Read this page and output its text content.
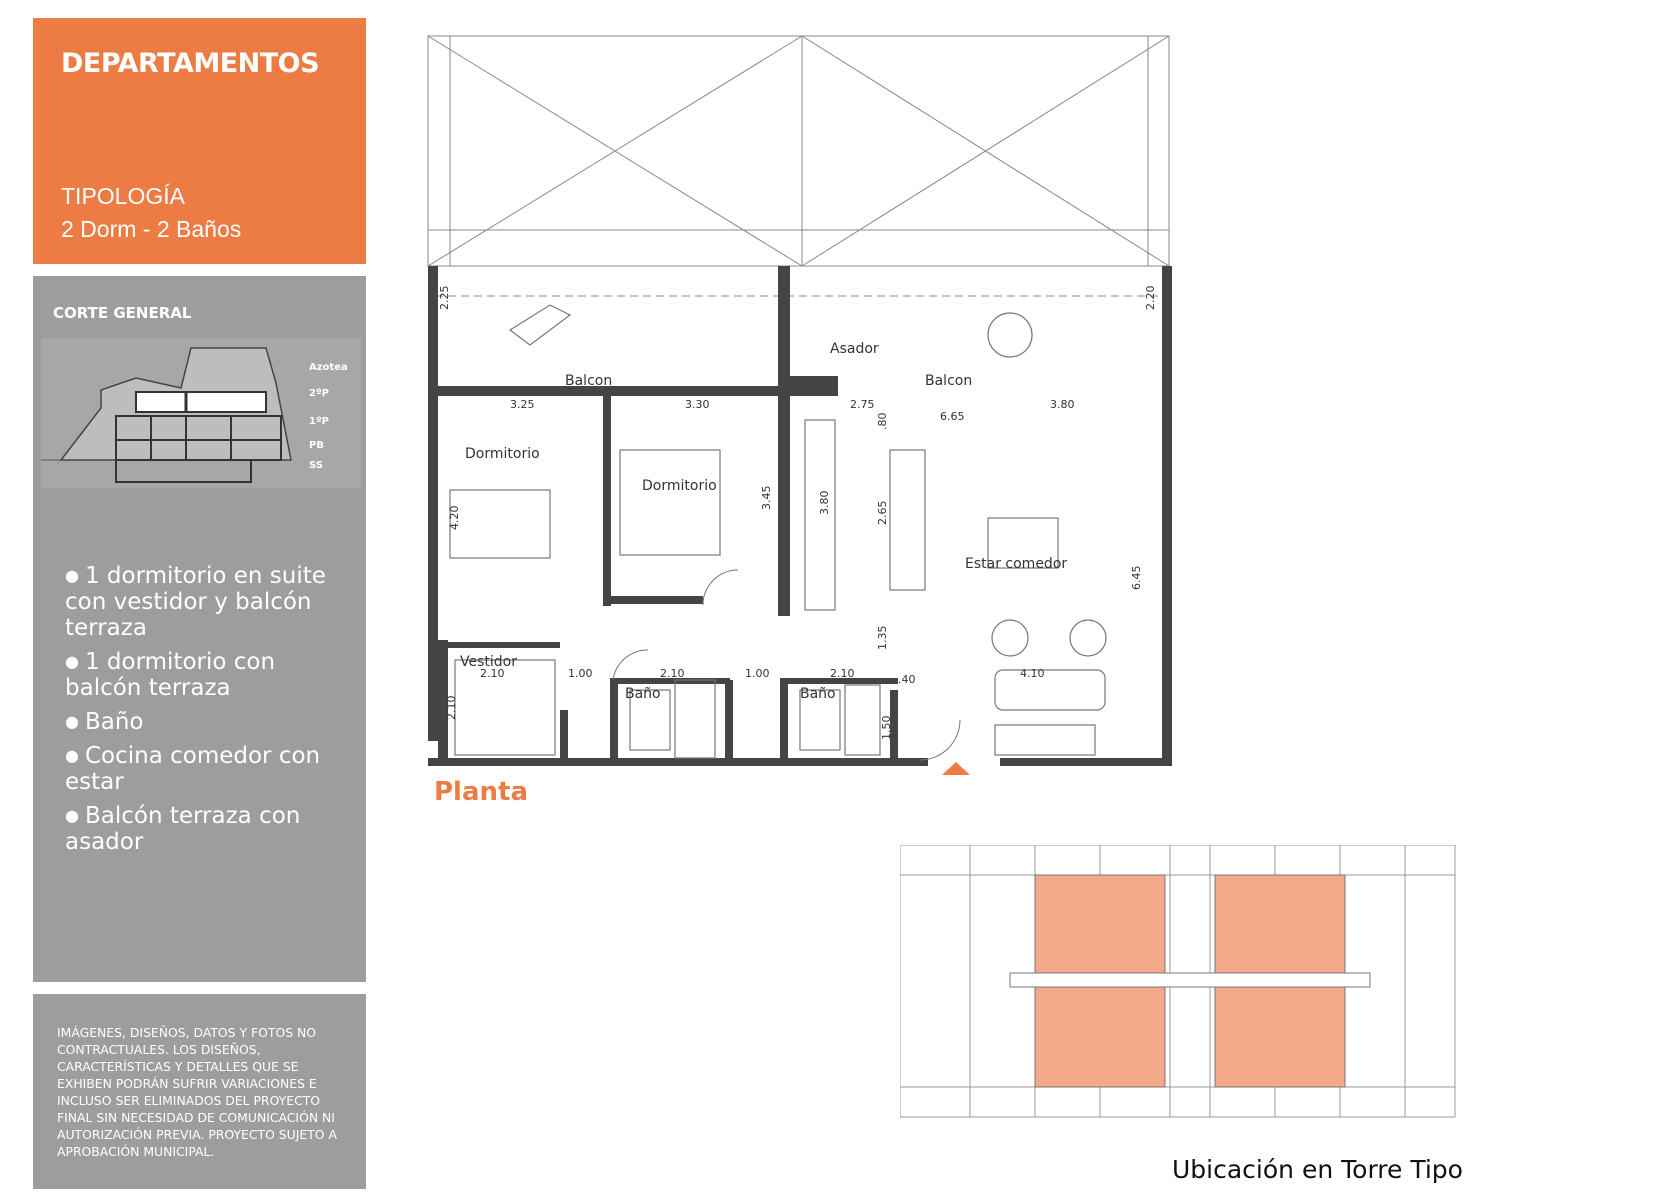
DEPARTAMENTOS
TIPOLOGÍA
2 Dorm - 2 Baños
CORTE GENERAL
Azotea
2ºP
1ºP
PB
SS
● 1 dormitorio en suite con vestidor y balcón terraza
● 1 dormitorio con balcón terraza
● Baño
● Cocina comedor con estar
● Balcón terraza con asador
IMÁGENES, DISEÑOS, DATOS Y FOTOS NO CONTRACTUALES. LOS DISEÑOS, CARACTERÍSTICAS Y DETALLES QUE SE EXHIBEN PODRÁN SUFRIR VARIACIONES E INCLUSO SER ELIMINADOS DEL PROYECTO FINAL SIN NECESIDAD DE COMUNICACIÓN NI AUTORIZACIÓN PREVIA. PROYECTO SUJETO A APROBACIÓN MUNICIPAL.
Balcon	Balcon
Asador
Dormitorio
Dormitorio
Estar comedor
Vestidor
Baño	Baño
2.25	2.20
3.25	3.30	2.75
6.65
3.80
.80
4.20
3.45	3.80	2.65
6.45
1.35
2.10
2.10
1.00	2.10	1.00	2.10	.40	4.10
1.50
Planta
Ubicación en Torre Tipo
